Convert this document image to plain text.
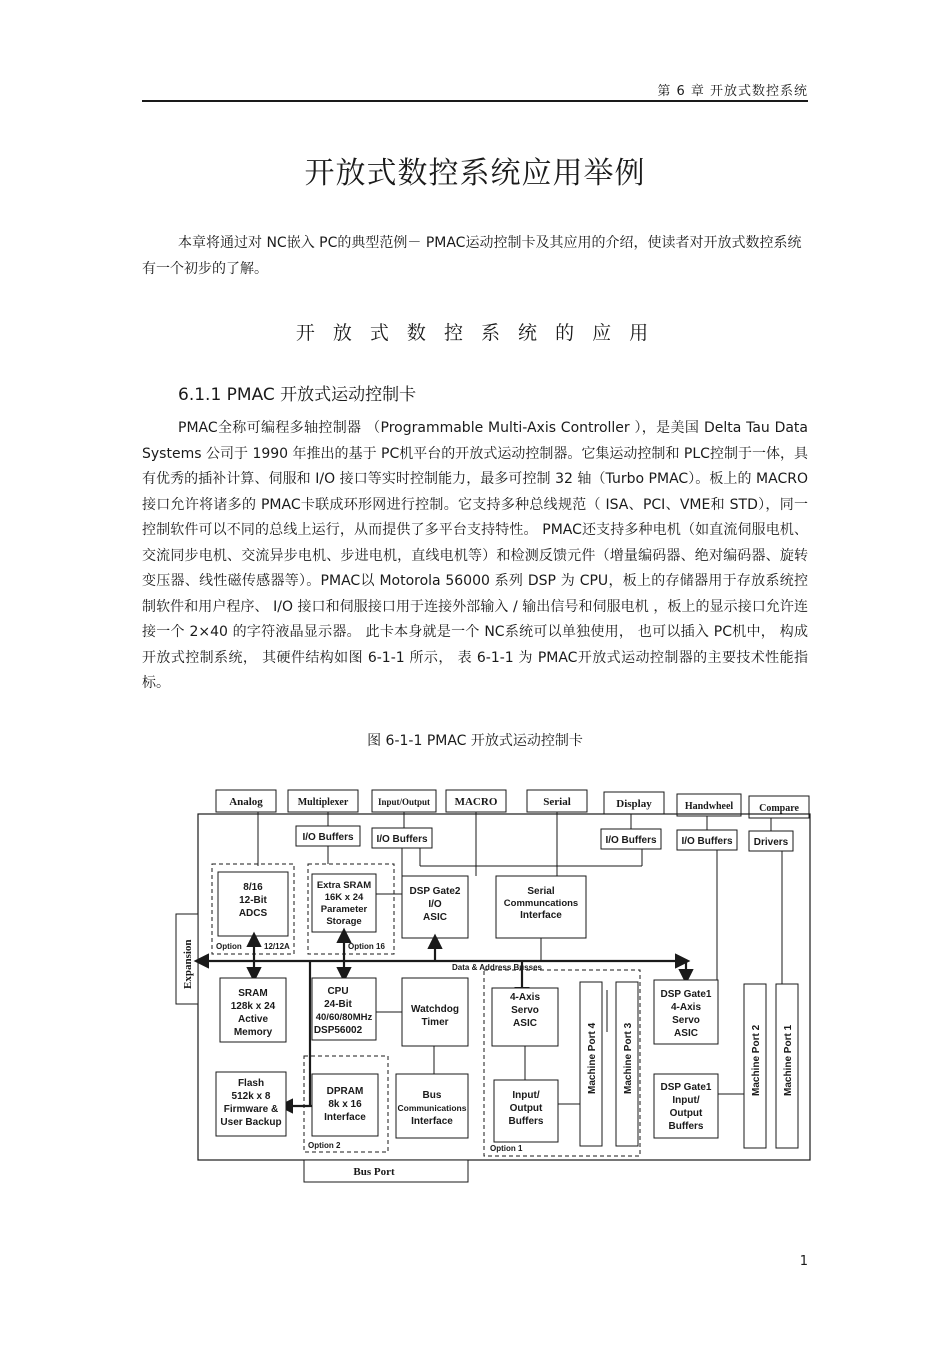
第 6 章 开放式数控系统
开放式数控系统应用举例

本章将通过对 NC嵌入 PC的典型范例－ PMAC运动控制卡及其应用的介绍，使读者对开放式数控系统有一个初步的了解。

开 放 式 数 控 系 统 的 应 用
6.1.1 PMAC 开放式运动控制卡

PMAC全称可编程多轴控制器 （Programmable Multi-Axis Controller ），是美国 Delta Tau Data Systems 公司于 1990 年推出的基于 PC机平台的开放式运动控制器。它集运动控制和 PLC控制于一体，具有优秀的插补计算、伺服和 I/O 接口等实时控制能力，最多可控制 32 轴（Turbo PMAC）。板上的 MACRO接口允许将诸多的 PMAC卡联成环形网进行控制。它支持多种总线规范（ ISA、PCI、VME和 STD），同一控制软件可以不同的总线上运行，从而提供了多平台支持特性。 PMAC还支持多种电机（如直流伺服电机、交流同步电机、交流异步电机、步进电机，直线电机等）和检测反馈元件（增量编码器、绝对编码器、旋转变压器、线性磁传感器等）。PMAC以 Motorola 56000 系列 DSP 为 CPU，板上的存储器用于存放系统控制软件和用户程序、 I/O 接口和伺服接口用于连接外部输入 / 输出信号和伺服电机 ，板上的显示接口允许连接一个 2×40 的字符液晶显示器。 此卡本身就是一个 NC系统可以单独使用， 也可以插入 PC机中， 构成开放式控制系统， 其硬件结构如图 6-1-1 所示， 表 6-1-1 为 PMAC开放式运动控制器的主要技术性能指标。

图 6-1-1 PMAC 开放式运动控制卡
Analog	Multiplexer	Input/Output MACRO	Serial	Display	Handwheel	Compare
I/O Buffers I/O Buffers	I/O Buffers I/O Buffers Drivers
Expansion
8/16
12-Bit
ADCS
Extra SRAM
16K x 24
Parameter
Storage
DSP Gate2
I/O
ASIC
Serial
Communcations
Interface
Option	12/12A	Option 16
Option 2	Option 1
Data & Address Busses
SRAM
128k x 24
Active
Memory
CPU
24-Bit
40/60/80MHz
DSP56002
Watchdog
Timer
4-Axis
Servo
ASIC
DSP Gate1
4-Axis
Servo
ASIC
Machine Port 4	Machine Port 3	Machine Port 2 Machine Port 1
Flash
512k x 8
Firmware &
User Backup
DPRAM
8k x 16
Interface
Bus
Communications
Interface
Input/
Output
Buffers
DSP Gate1
Input/
Output
Buffers
Bus Port
1
